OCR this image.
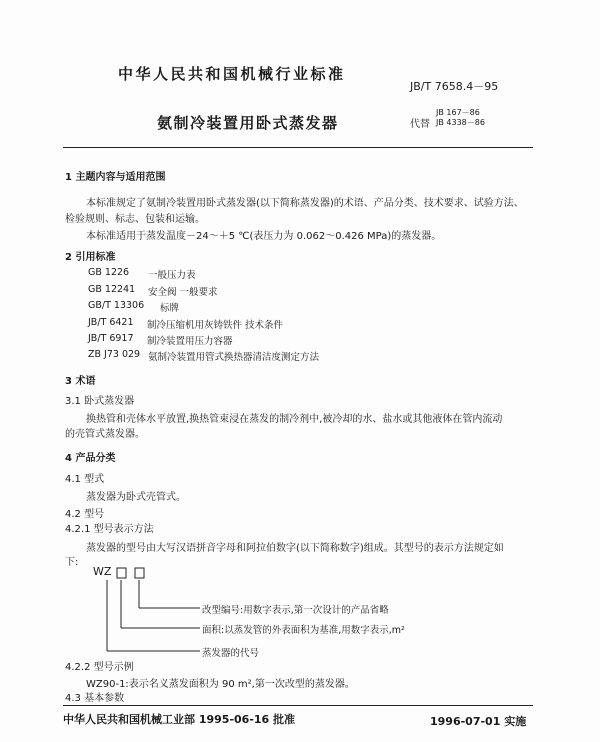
中华人民共和国机械行业标准
JB/T 7658.4－95
氨制冷装置用卧式蒸发器	代替
JB 167－86
JB 4338－86
1 主题内容与适用范围
本标准规定了氨制冷装置用卧式蒸发器(以下简称蒸发器)的术语、产品分类、技术要求、试验方法、
检验规则、标志、包装和运输。
本标准适用于蒸发温度－24～＋5 ℃(表压力为 0.062～0.426 MPa)的蒸发器。
2 引用标准
GB 1226 一般压力表
GB 12241 安全阀 一般要求
GB/T 13306 标牌
JB/T 6421 制冷压缩机用灰铸铁件 技术条件
JB/T 6917 制冷装置用压力容器
ZB J73 029 氨制冷装置用管式换热器清洁度测定方法
3 术语
3.1 卧式蒸发器
换热管和壳体水平放置,换热管束浸在蒸发的制冷剂中,被冷却的水、盐水或其他液体在管内流动
的壳管式蒸发器。
4 产品分类
4.1 型式
蒸发器为卧式壳管式。
4.2 型号
4.2.1 型号表示方法
蒸发器的型号由大写汉语拼音字母和阿拉伯数字(以下简称数字)组成。其型号的表示方法规定如
下:
WZ
改型编号:用数字表示,第一次设计的产品省略
面积:以蒸发管的外表面积为基准,用数字表示,m²
蒸发器的代号
4.2.2 型号示例
WZ90-1:表示名义蒸发面积为 90 m²,第一次改型的蒸发器。
4.3 基本参数
中华人民共和国机械工业部 1995-06-16 批准	1996-07-01 实施
